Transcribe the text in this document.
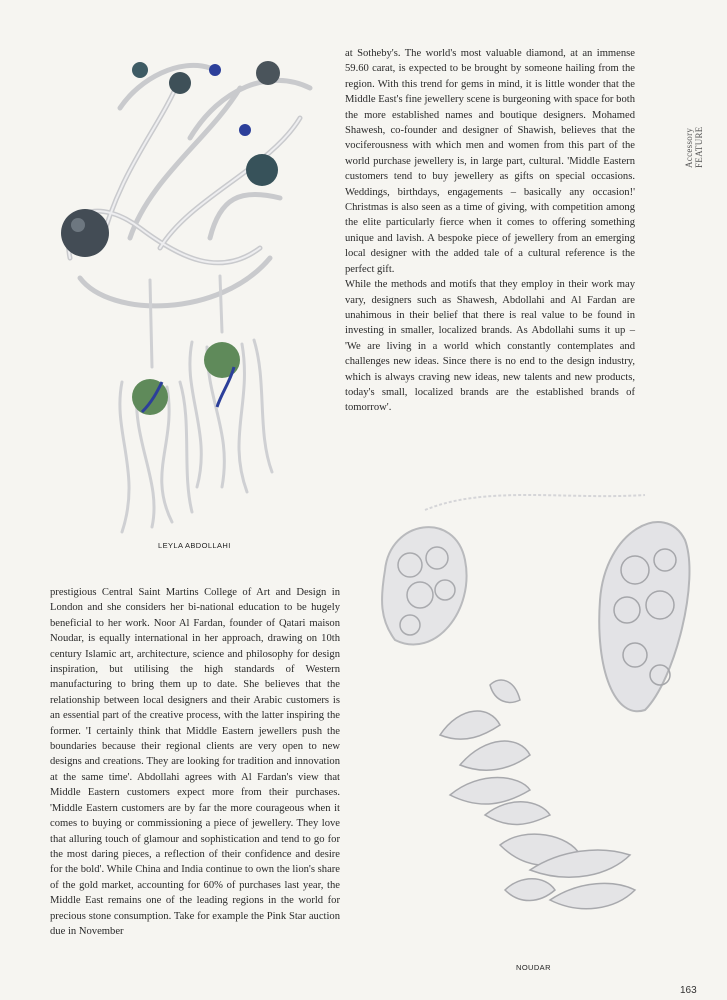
Accessory FEATURE
LEYLA ABDOLLAHI

at Sotheby's. The world's most valuable diamond, at an immense 59.60 carat, is expected to be brought by someone hailing from the region. With this trend for gems in mind, it is little wonder that the Middle East's fine jewellery scene is burgeoning with space for both the more established names and boutique designers. Mohamed Shawesh, co-founder and designer of Shawish, believes that the vociferousness with which men and women from this part of the world purchase jewellery is, in large part, cultural. 'Middle Eastern customers tend to buy jewellery as gifts on special occasions. Weddings, birthdays, engagements – basically any occasion!' Christmas is also seen as a time of giving, with competition among the elite particularly fierce when it comes to offering something unique and lavish. A bespoke piece of jewellery from an emerging local designer with the added tale of a cultural reference is the perfect gift.

While the methods and motifs that they employ in their work may vary, designers such as Shawesh, Abdollahi and Al Fardan are unahimous in their belief that there is real value to be found in investing in smaller, localized brands. As Abdollahi sums it up – 'We are living in a world which constantly contemplates and challenges new ideas. Since there is no end to the design industry, which is always craving new ideas, new talents and new products, today's small, localized brands are the established brands of tomorrow'.

NOUDAR

prestigious Central Saint Martins College of Art and Design in London and she considers her bi-national education to be hugely beneficial to her work. Noor Al Fardan, founder of Qatari maison Noudar, is equally international in her approach, drawing on 10th century Islamic art, architecture, science and philosophy for design inspiration, but utilising the high standards of Western manufacturing to bring them up to date. She believes that the relationship between local designers and their Arabic customers is an essential part of the creative process, with the latter inspiring the former. 'I certainly think that Middle Eastern jewellers push the boundaries because their regional clients are very open to new designs and creations. They are looking for tradition and innovation at the same time'. Abdollahi agrees with Al Fardan's view that Middle Eastern customers expect more from their purchases. 'Middle Eastern customers are by far the more courageous when it comes to buying or commissioning a piece of jewellery. They love that alluring touch of glamour and sophistication and tend to go for the most daring pieces, a reflection of their confidence and desire for the bold'. While China and India continue to own the lion's share of the gold market, accounting for 60% of purchases last year, the Middle East remains one of the leading regions in the world for precious stone consumption. Take for example the Pink Star auction due in November

163
